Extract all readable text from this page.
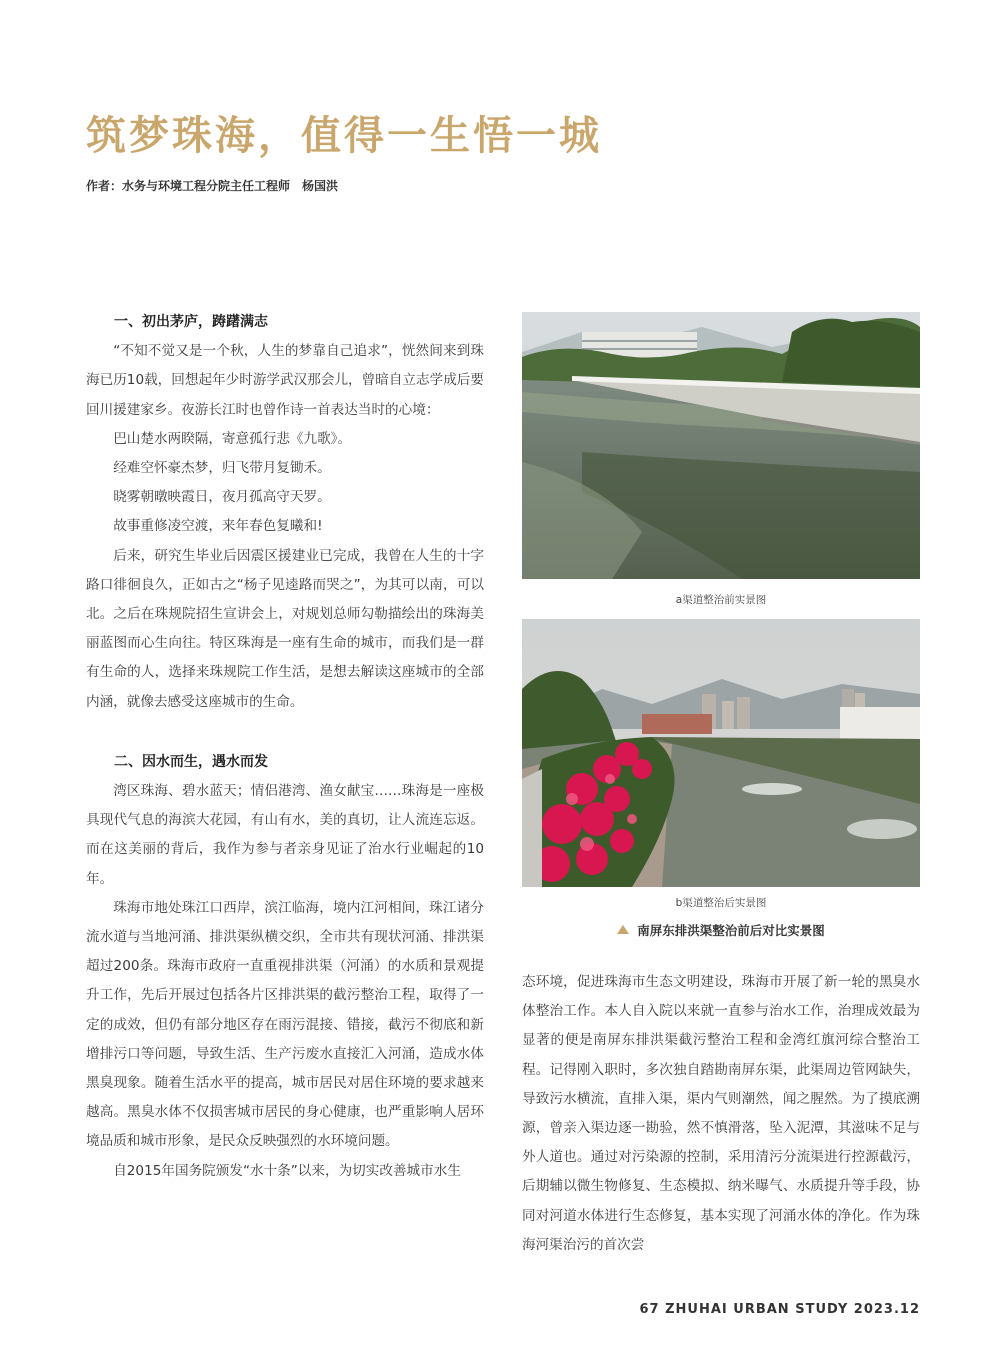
筑梦珠海，值得一生悟一城
作者：水务与环境工程分院主任工程师　杨国洪

一、初出茅庐，踌躇满志

“不知不觉又是一个秋，人生的梦靠自己追求”，恍然间来到珠海已历10载，回想起年少时游学武汉那会儿，曾暗自立志学成后要回川援建家乡。夜游长江时也曾作诗一首表达当时的心境：

巴山楚水两睽隔，寄意孤行悲《九歌》。

经难空怀豪杰梦，归飞带月复锄禾。

晓雾朝暾映霞日，夜月孤高守天罗。

故事重修凌空渡，来年春色复曦和!

后来，研究生毕业后因震区援建业已完成，我曾在人生的十字路口徘徊良久，正如古之“杨子见逵路而哭之”，为其可以南，可以北。之后在珠规院招生宣讲会上，对规划总师勾勒描绘出的珠海美丽蓝图而心生向往。特区珠海是一座有生命的城市，而我们是一群有生命的人，选择来珠规院工作生活，是想去解读这座城市的全部内涵，就像去感受这座城市的生命。

二、因水而生，遇水而发

湾区珠海、碧水蓝天；情侣港湾、渔女献宝……珠海是一座极具现代气息的海滨大花园，有山有水，美的真切，让人流连忘返。而在这美丽的背后，我作为参与者亲身见证了治水行业崛起的10年。

珠海市地处珠江口西岸，滨江临海，境内江河相间，珠江诸分流水道与当地河涌、排洪渠纵横交织，全市共有现状河涌、排洪渠超过200条。珠海市政府一直重视排洪渠（河涌）的水质和景观提升工作，先后开展过包括各片区排洪渠的截污整治工程，取得了一定的成效，但仍有部分地区存在雨污混接、错接，截污不彻底和新增排污口等问题，导致生活、生产污废水直接汇入河涌，造成水体黑臭现象。随着生活水平的提高，城市居民对居住环境的要求越来越高。黑臭水体不仅损害城市居民的身心健康，也严重影响人居环境品质和城市形象，是民众反映强烈的水环境问题。

自2015年国务院颁发“水十条”以来，为切实改善城市水生

a渠道整治前实景图
b渠道整治后实景图
南屏东排洪渠整治前后对比实景图

态环境，促进珠海市生态文明建设，珠海市开展了新一轮的黑臭水体整治工作。本人自入院以来就一直参与治水工作，治理成效最为显著的便是南屏东排洪渠截污整治工程和金湾红旗河综合整治工程。记得刚入职时，多次独自踏勘南屏东渠，此渠周边管网缺失，导致污水横流，直排入渠，渠内气则潮然，闻之腥然。为了摸底溯源，曾亲入渠边逐一勘验，然不慎滑落，坠入泥潭，其滋味不足与外人道也。通过对污染源的控制，采用清污分流渠进行控源截污，后期辅以微生物修复、生态模拟、纳米曝气、水质提升等手段，协同对河道水体进行生态修复，基本实现了河涌水体的净化。作为珠海河渠治污的首次尝

67 ZHUHAI URBAN STUDY 2023.12
